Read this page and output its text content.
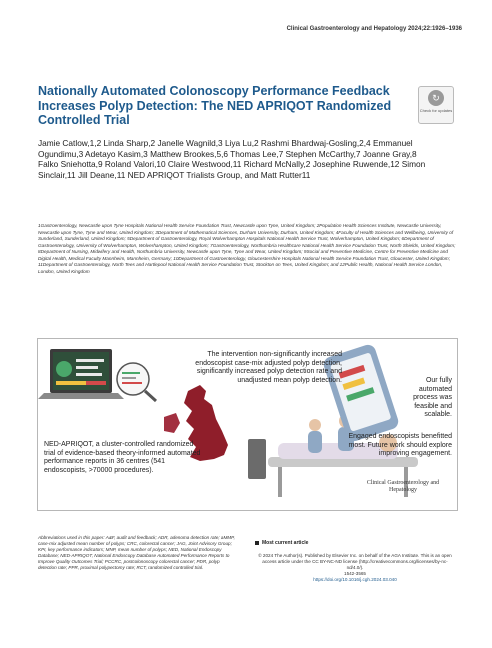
Clinical Gastroenterology and Hepatology 2024;22:1926–1936
Nationally Automated Colonoscopy Performance Feedback Increases Polyp Detection: The NED APRIQOT Randomized Controlled Trial
↻
Check for updates

Jamie Catlow,1,2 Linda Sharp,2 Janelle Wagnild,3 Liya Lu,2 Rashmi Bhardwaj-Gosling,2,4 Emmanuel Ogundimu,3 Adetayo Kasim,3 Matthew Brookes,5,6 Thomas Lee,7 Stephen McCarthy,7 Joanne Gray,8 Falko Sniehotta,9 Roland Valori,10 Claire Westwood,11 Richard McNally,2 Josephine Ruwende,12 Simon Sinclair,11 Jill Deane,11 NED APRIQOT Trialists Group, and Matt Rutter11

1Gastroenterology, Newcastle upon Tyne Hospitals National Health Service Foundation Trust, Newcastle upon Tyne, United Kingdom; 2Population Health Sciences Institute, Newcastle University, Newcastle upon Tyne, Tyne and Wear, United Kingdom; 3Department of Mathematical Sciences, Durham University, Durham, United Kingdom; 4Faculty of Health Sciences and Wellbeing, University of Sunderland, Sunderland, United Kingdom; 5Department of Gastroenterology, Royal Wolverhampton Hospitals National Health Service Trust, Wolverhampton, United Kingdom; 6Department of Gastroenterology, University of Wolverhampton, Wolverhampton, United Kingdom; 7Gastroenterology, Northumbria Healthcare National Health Service Foundation Trust, North Shields, United Kingdom; 8Department of Nursing, Midwifery and Health, Northumbria University, Newcastle upon Tyne, Tyne and Wear, United Kingdom; 9Social and Preventive Medicine, Centre for Preventive Medicine and Digital Health, Medical Faculty Mannheim, Mannheim, Germany; 10Department of Gastroenterology, Gloucestershire Hospitals National Health Service Foundation Trust, Gloucester, United Kingdom; 11Department of Gastroenterology, North Tees and Hartlepool National Health Service Foundation Trust, Stockton on Tees, United Kingdom; and 12Public Health, National Health Service London, London, United Kingdom

The intervention non-significantly increased endoscopist case-mix adjusted polyp detection, significantly increased polyp detection rate and unadjusted mean polyp detection.	Our fully automated process was feasible and scalable.

Engaged endoscopists benefitted most. Future work should explore improving engagement.

NED-APRIQOT, a cluster-controlled randomized trial of evidence-based theory-informed automated performance reports in 36 centres (541 endoscopists, >70000 procedures).

Clinical Gastroenterology and Hepatology

Abbreviations used in this paper: A&F, audit and feedback; ADR, adenoma detection rate; aMMP, case-mix adjusted mean number of polyps; CRC, colorectal cancer; JAG, Joint Advisory Group; KPI, key performance indicators; MNP, mean number of polyps; NED, National Endoscopy Database; NED-APRIQOT, National Endoscopy Database Automated Performance Reports to Improve Quality Outcomes Trial; PCCRC, postcolonoscopy colorectal cancer; PDR, polyp detection rate; PPR, proximal polypectomy rate; RCT, randomized controlled trial.

Most current article

© 2024 The Author(s). Published by Elsevier Inc. on behalf of the AGA Institute. This is an open access article under the CC BY-NC-ND license (http://creativecommons.org/licenses/by-nc-nd/4.0/).
1542-3565
https://doi.org/10.1016/j.cgh.2024.03.040
